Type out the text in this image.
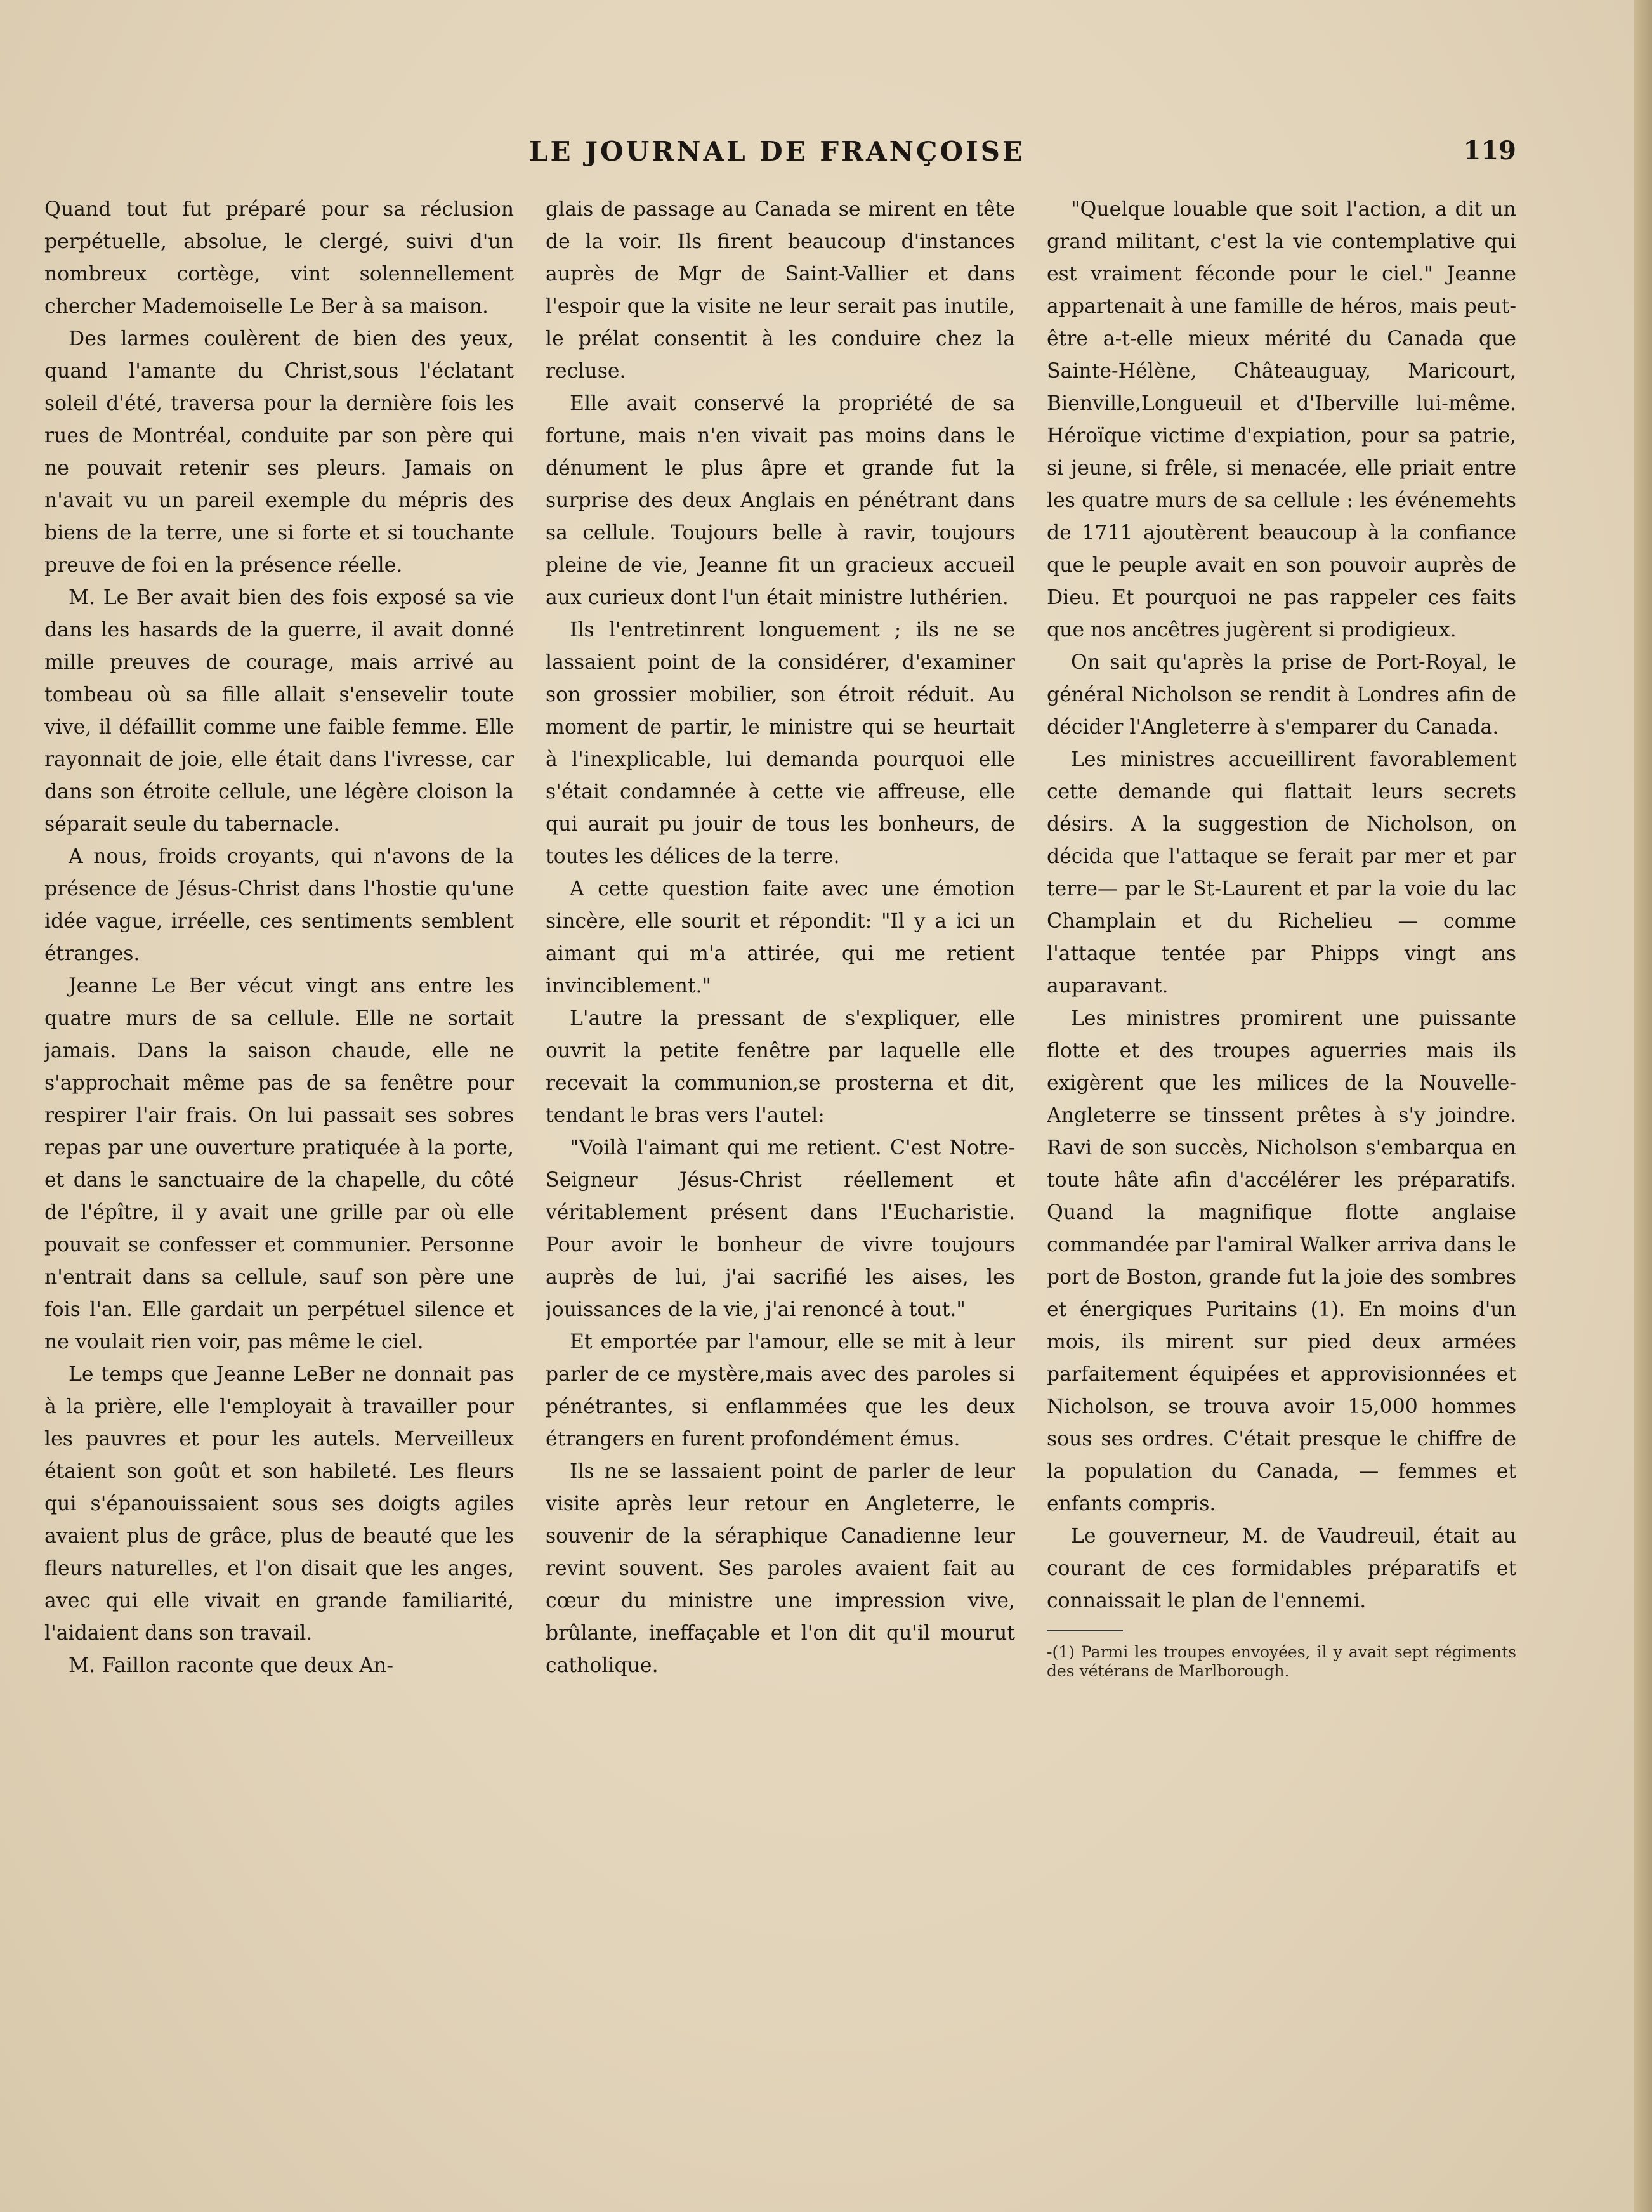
LE JOURNAL DE FRANÇOISE	119

Quand tout fut préparé pour sa réclusion perpétuelle, absolue, le clergé, suivi d'un nombreux cortège, vint solennellement chercher Mademoiselle Le Ber à sa maison.

Des larmes coulèrent de bien des yeux, quand l'amante du Christ,sous l'éclatant soleil d'été, traversa pour la dernière fois les rues de Montréal, conduite par son père qui ne pouvait retenir ses pleurs. Jamais on n'avait vu un pareil exemple du mépris des biens de la terre, une si forte et si touchante preuve de foi en la présence réelle.

M. Le Ber avait bien des fois exposé sa vie dans les hasards de la guerre, il avait donné mille preuves de courage, mais arrivé au tombeau où sa fille allait s'ensevelir toute vive, il défaillit comme une faible femme. Elle rayonnait de joie, elle était dans l'ivresse, car dans son étroite cellule, une légère cloison la séparait seule du tabernacle.

A nous, froids croyants, qui n'avons de la présence de Jésus-Christ dans l'hostie qu'une idée vague, irréelle, ces sentiments semblent étranges.

Jeanne Le Ber vécut vingt ans entre les quatre murs de sa cellule. Elle ne sortait jamais. Dans la saison chaude, elle ne s'approchait même pas de sa fenêtre pour respirer l'air frais. On lui passait ses sobres repas par une ouverture pratiquée à la porte, et dans le sanctuaire de la chapelle, du côté de l'épître, il y avait une grille par où elle pouvait se confesser et communier. Personne n'entrait dans sa cellule, sauf son père une fois l'an. Elle gardait un perpétuel silence et ne voulait rien voir, pas même le ciel.

Le temps que Jeanne LeBer ne donnait pas à la prière, elle l'employait à travailler pour les pauvres et pour les autels. Merveilleux étaient son goût et son habileté. Les fleurs qui s'épanouissaient sous ses doigts agiles avaient plus de grâce, plus de beauté que les fleurs naturelles, et l'on disait que les anges, avec qui elle vivait en grande familiarité, l'aidaient dans son travail.

M. Faillon raconte que deux An-

glais de passage au Canada se mirent en tête de la voir. Ils firent beaucoup d'instances auprès de Mgr de Saint-Vallier et dans l'espoir que la visite ne leur serait pas inutile, le prélat consentit à les conduire chez la recluse.

Elle avait conservé la propriété de sa fortune, mais n'en vivait pas moins dans le dénument le plus âpre et grande fut la surprise des deux Anglais en pénétrant dans sa cellule. Toujours belle à ravir, toujours pleine de vie, Jeanne fit un gracieux accueil aux curieux dont l'un était ministre luthérien.

Ils l'entretinrent longuement ; ils ne se lassaient point de la considérer, d'examiner son grossier mobilier, son étroit réduit. Au moment de partir, le ministre qui se heurtait à l'inexplicable, lui demanda pourquoi elle s'était condamnée à cette vie affreuse, elle qui aurait pu jouir de tous les bonheurs, de toutes les délices de la terre.

A cette question faite avec une émotion sincère, elle sourit et répondit: "Il y a ici un aimant qui m'a attirée, qui me retient invinciblement."

L'autre la pressant de s'expliquer, elle ouvrit la petite fenêtre par laquelle elle recevait la communion,se prosterna et dit, tendant le bras vers l'autel:

"Voilà l'aimant qui me retient. C'est Notre-Seigneur Jésus-Christ réellement et véritablement présent dans l'Eucharistie. Pour avoir le bonheur de vivre toujours auprès de lui, j'ai sacrifié les aises, les jouissances de la vie, j'ai renoncé à tout."

Et emportée par l'amour, elle se mit à leur parler de ce mystère,mais avec des paroles si pénétrantes, si enflammées que les deux étrangers en furent profondément émus.

Ils ne se lassaient point de parler de leur visite après leur retour en Angleterre, le souvenir de la séraphique Canadienne leur revint souvent. Ses paroles avaient fait au cœur du ministre une impression vive, brûlante, ineffaçable et l'on dit qu'il mourut catholique.

"Quelque louable que soit l'action, a dit un grand militant, c'est la vie contemplative qui est vraiment féconde pour le ciel." Jeanne appartenait à une famille de héros, mais peut-être a-t-elle mieux mérité du Canada que Sainte-Hélène, Châteauguay, Maricourt, Bienville,Longueuil et d'Iberville lui-même. Héroïque victime d'expiation, pour sa patrie, si jeune, si frêle, si menacée, elle priait entre les quatre murs de sa cellule : les événemehts de 1711 ajoutèrent beaucoup à la confiance que le peuple avait en son pouvoir auprès de Dieu. Et pourquoi ne pas rappeler ces faits que nos ancêtres jugèrent si prodigieux.

On sait qu'après la prise de Port-Royal, le général Nicholson se rendit à Londres afin de décider l'Angleterre à s'emparer du Canada.

Les ministres accueillirent favorablement cette demande qui flattait leurs secrets désirs. A la suggestion de Nicholson, on décida que l'attaque se ferait par mer et par terre— par le St-Laurent et par la voie du lac Champlain et du Richelieu — comme l'attaque tentée par Phipps vingt ans auparavant.

Les ministres promirent une puissante flotte et des troupes aguerries mais ils exigèrent que les milices de la Nouvelle-Angleterre se tinssent prêtes à s'y joindre. Ravi de son succès, Nicholson s'embarqua en toute hâte afin d'accélérer les préparatifs. Quand la magnifique flotte anglaise commandée par l'amiral Walker arriva dans le port de Boston, grande fut la joie des sombres et énergiques Puritains (1). En moins d'un mois, ils mirent sur pied deux armées parfaitement équipées et approvisionnées et Nicholson, se trouva avoir 15,000 hommes sous ses ordres. C'était presque le chiffre de la population du Canada, — femmes et enfants compris.

Le gouverneur, M. de Vaudreuil, était au courant de ces formidables préparatifs et connaissait le plan de l'ennemi.

-(1) Parmi les troupes envoyées, il y avait sept régiments des vétérans de Marlborough.
